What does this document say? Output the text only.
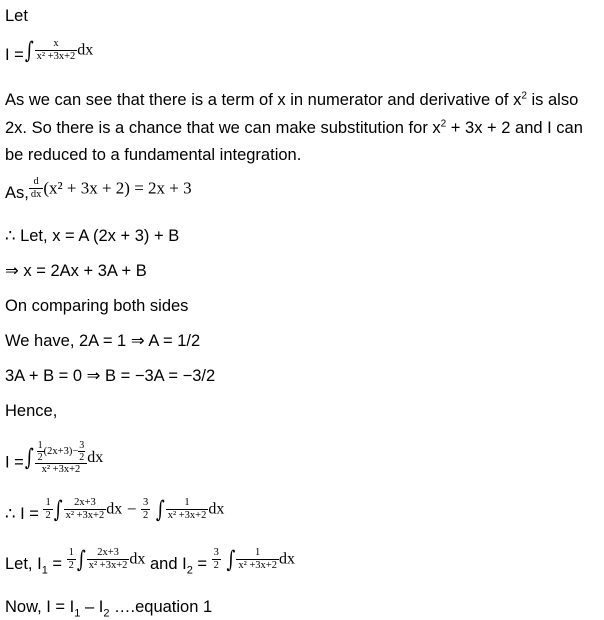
Let
I =∫ $\frac{x}{\text{x² +3x+2}}$ dx
As we can see that there is a term of x in numerator and derivative of $x^2$ is also 2x. So there is a chance that we can make substitution for $x^2 + 3x + 2$ and I can be reduced to a fundamental integration.
As, $\frac{d}{dx} (x^2 + 3x + 2) = 2x + 3$
∴ Let, x = A (2x + 3) + B
⇒ x = 2Ax + 3A + B
On comparing both sides
We have, 2A = 1 ⇒ A = 1/2
3A + B = 0 ⇒ B = −3A = −3/2
Hence,
I =∫ $\frac{\frac{1}{2} (2x+3)- \frac{3}{2}}{\text{x² +3x+2}}$ dx
∴ $I = \frac{1}{2}$ ∫ $\frac{2x+3}{\text{x² +3x+2}}$ dx − $\frac{3}{2}$ ∫ $\frac{1}{\text{x² +3x+2}}$ dx
Let, $I_1 = \frac{1}{2}$ ∫ $\frac{2x+3}{\text{x² +3x+2}}$ dx and $I_2 = \frac{3}{2}$ ∫ $\frac{1}{\text{x² +3x+2}}$ dx
Now, $I = I_1 - I_2$ ….equation 1
